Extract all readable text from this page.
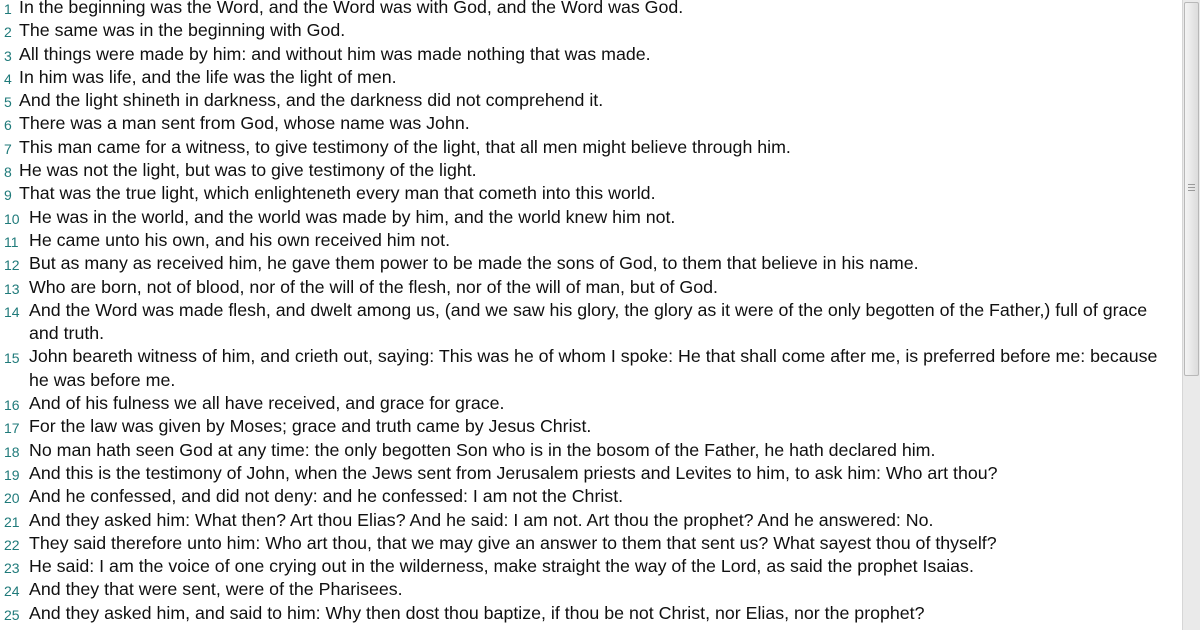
1 In the beginning was the Word, and the Word was with God, and the Word was God.
2 The same was in the beginning with God.
3 All things were made by him: and without him was made nothing that was made.
4 In him was life, and the life was the light of men.
5 And the light shineth in darkness, and the darkness did not comprehend it.
6 There was a man sent from God, whose name was John.
7 This man came for a witness, to give testimony of the light, that all men might believe through him.
8 He was not the light, but was to give testimony of the light.
9 That was the true light, which enlighteneth every man that cometh into this world.
10 He was in the world, and the world was made by him, and the world knew him not.
11 He came unto his own, and his own received him not.
12 But as many as received him, he gave them power to be made the sons of God, to them that believe in his name.
13 Who are born, not of blood, nor of the will of the flesh, nor of the will of man, but of God.
14 And the Word was made flesh, and dwelt among us, (and we saw his glory, the glory as it were of the only begotten of the Father,) full of grace and truth.
15 John beareth witness of him, and crieth out, saying: This was he of whom I spoke: He that shall come after me, is preferred before me: because he was before me.
16 And of his fulness we all have received, and grace for grace.
17 For the law was given by Moses; grace and truth came by Jesus Christ.
18 No man hath seen God at any time: the only begotten Son who is in the bosom of the Father, he hath declared him.
19 And this is the testimony of John, when the Jews sent from Jerusalem priests and Levites to him, to ask him: Who art thou?
20 And he confessed, and did not deny: and he confessed: I am not the Christ.
21 And they asked him: What then? Art thou Elias? And he said: I am not. Art thou the prophet? And he answered: No.
22 They said therefore unto him: Who art thou, that we may give an answer to them that sent us? What sayest thou of thyself?
23 He said: I am the voice of one crying out in the wilderness, make straight the way of the Lord, as said the prophet Isaias.
24 And they that were sent, were of the Pharisees.
25 And they asked him, and said to him: Why then dost thou baptize, if thou be not Christ, nor Elias, nor the prophet?
